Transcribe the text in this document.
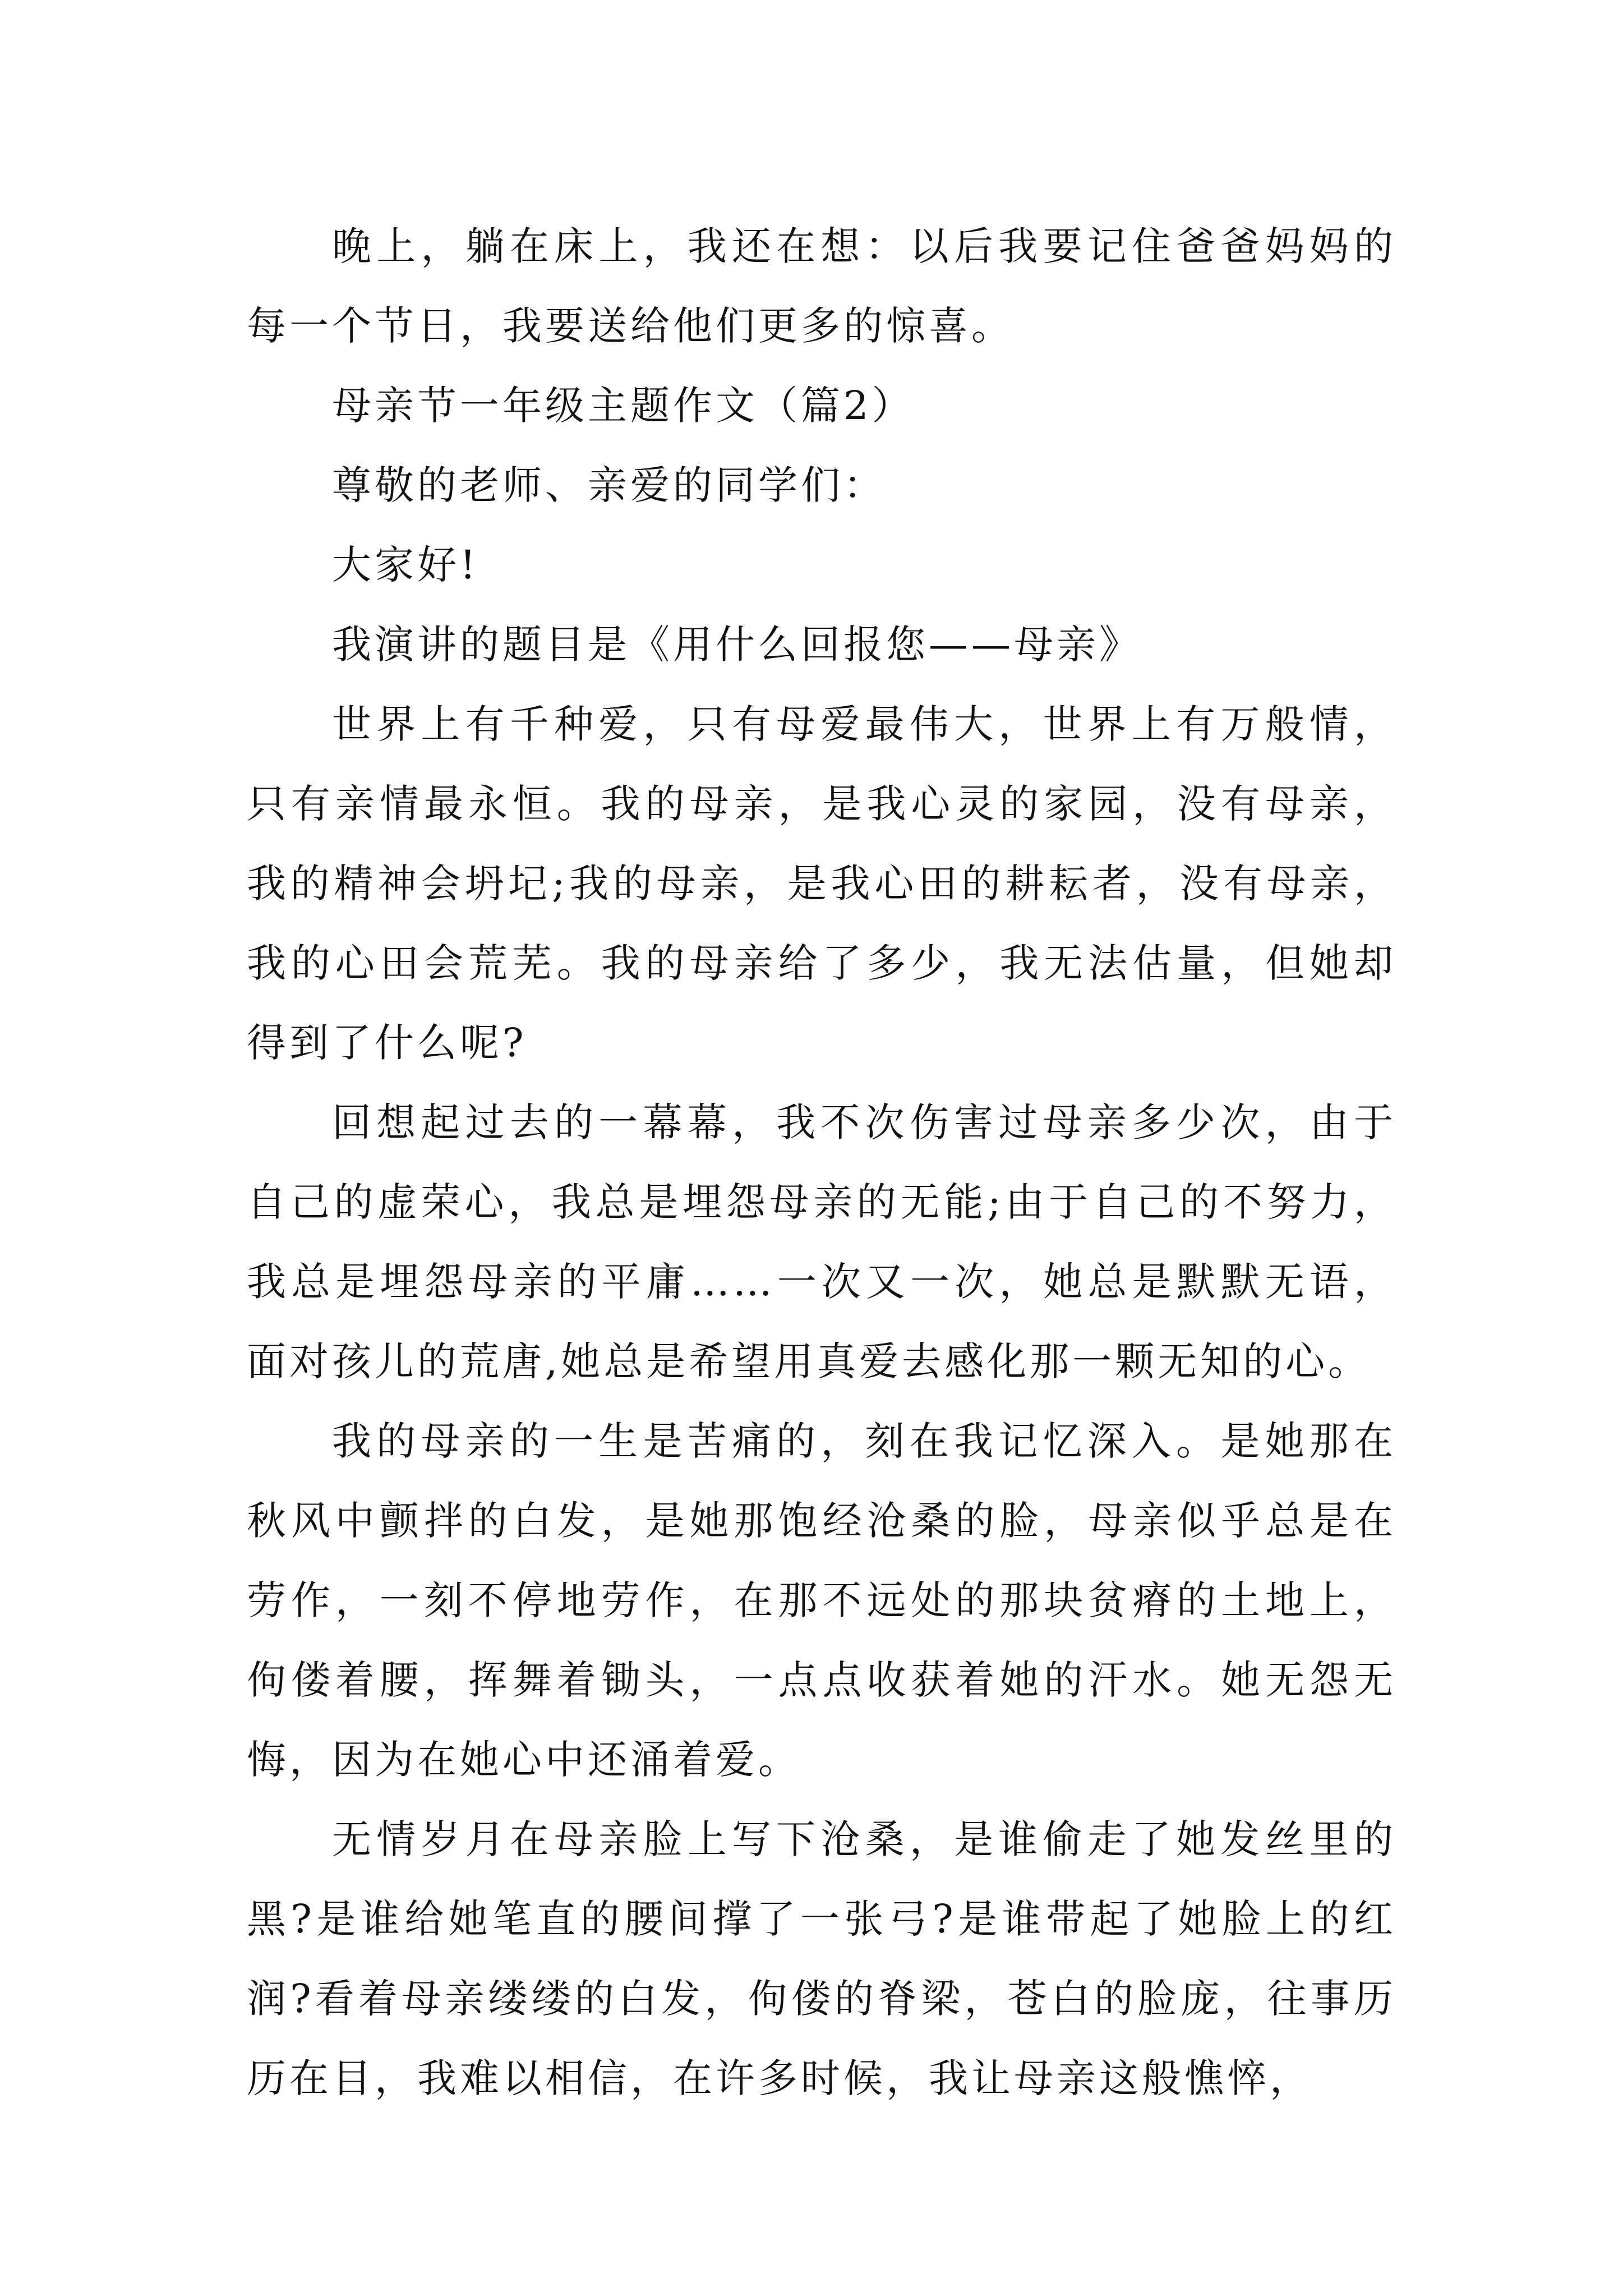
晚上，躺在床上，我还在想：以后我要记住爸爸妈妈的每一个节日，我要送给他们更多的惊喜。

母亲节一年级主题作文（篇2）

尊敬的老师、亲爱的同学们：

大家好!

我演讲的题目是《用什么回报您——母亲》

世界上有千种爱，只有母爱最伟大，世界上有万般情，只有亲情最永恒。我的母亲，是我心灵的家园，没有母亲，我的精神会坍圮;我的母亲，是我心田的耕耘者，没有母亲，我的心田会荒芜。我的母亲给了多少，我无法估量，但她却得到了什么呢?

回想起过去的一幕幕，我不次伤害过母亲多少次，由于自己的虚荣心，我总是埋怨母亲的无能;由于自己的不努力，我总是埋怨母亲的平庸……一次又一次，她总是默默无语，面对孩儿的荒唐,她总是希望用真爱去感化那一颗无知的心。

我的母亲的一生是苦痛的，刻在我记忆深入。是她那在秋风中颤拌的白发，是她那饱经沧桑的脸，母亲似乎总是在劳作，一刻不停地劳作，在那不远处的那块贫瘠的土地上，佝偻着腰，挥舞着锄头，一点点收获着她的汗水。她无怨无悔，因为在她心中还涌着爱。

无情岁月在母亲脸上写下沧桑，是谁偷走了她发丝里的黑?是谁给她笔直的腰间撑了一张弓?是谁带起了她脸上的红润?看着母亲缕缕的白发，佝偻的脊梁，苍白的脸庞，往事历历在目，我难以相信，在许多时候，我让母亲这般憔悴，
